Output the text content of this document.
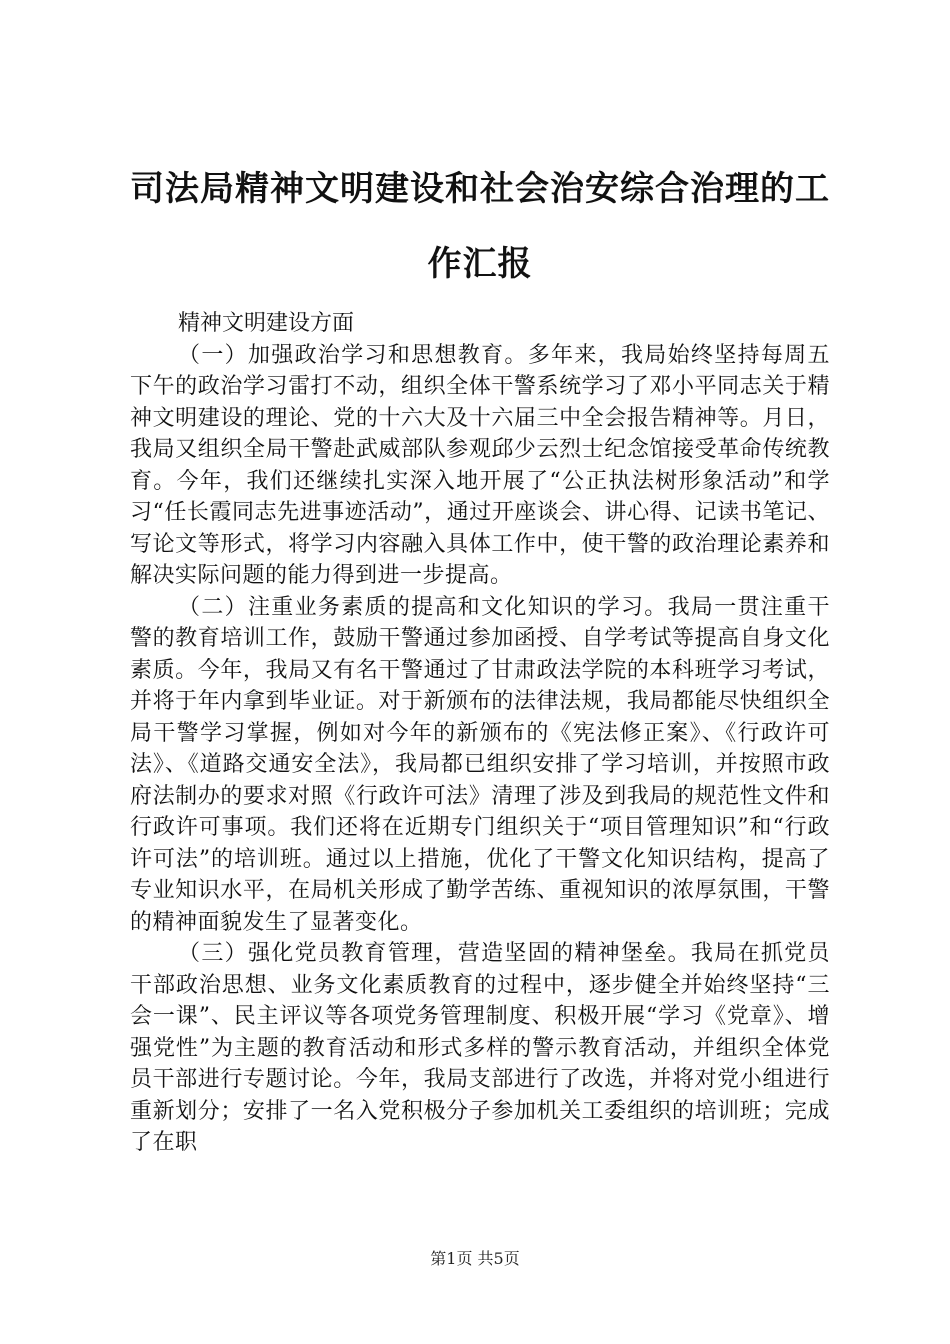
司法局精神文明建设和社会治安综合治理的工
作汇报

精神文明建设方面

（一）加强政治学习和思想教育。多年来，我局始终坚持每周五下午的政治学习雷打不动，组织全体干警系统学习了邓小平同志关于精神文明建设的理论、党的十六大及十六届三中全会报告精神等。月日，我局又组织全局干警赴武威部队参观邱少云烈士纪念馆接受革命传统教育。今年，我们还继续扎实深入地开展了“公正执法树形象活动”和学习“任长霞同志先进事迹活动”，通过开座谈会、讲心得、记读书笔记、写论文等形式，将学习内容融入具体工作中，使干警的政治理论素养和解决实际问题的能力得到进一步提高。

（二）注重业务素质的提高和文化知识的学习。我局一贯注重干警的教育培训工作，鼓励干警通过参加函授、自学考试等提高自身文化素质。今年，我局又有名干警通过了甘肃政法学院的本科班学习考试，并将于年内拿到毕业证。对于新颁布的法律法规，我局都能尽快组织全局干警学习掌握，例如对今年的新颁布的《宪法修正案》、《行政许可法》、《道路交通安全法》，我局都已组织安排了学习培训，并按照市政府法制办的要求对照《行政许可法》清理了涉及到我局的规范性文件和行政许可事项。我们还将在近期专门组织关于“项目管理知识”和“行政许可法”的培训班。通过以上措施，优化了干警文化知识结构，提高了专业知识水平，在局机关形成了勤学苦练、重视知识的浓厚氛围，干警的精神面貌发生了显著变化。

（三）强化党员教育管理，营造坚固的精神堡垒。我局在抓党员干部政治思想、业务文化素质教育的过程中，逐步健全并始终坚持“三会一课”、民主评议等各项党务管理制度、积极开展“学习《党章》、增强党性”为主题的教育活动和形式多样的警示教育活动，并组织全体党员干部进行专题讨论。今年，我局支部进行了改选，并将对党小组进行重新划分；安排了一名入党积极分子参加机关工委组织的培训班；完成了在职

第1页 共5页
